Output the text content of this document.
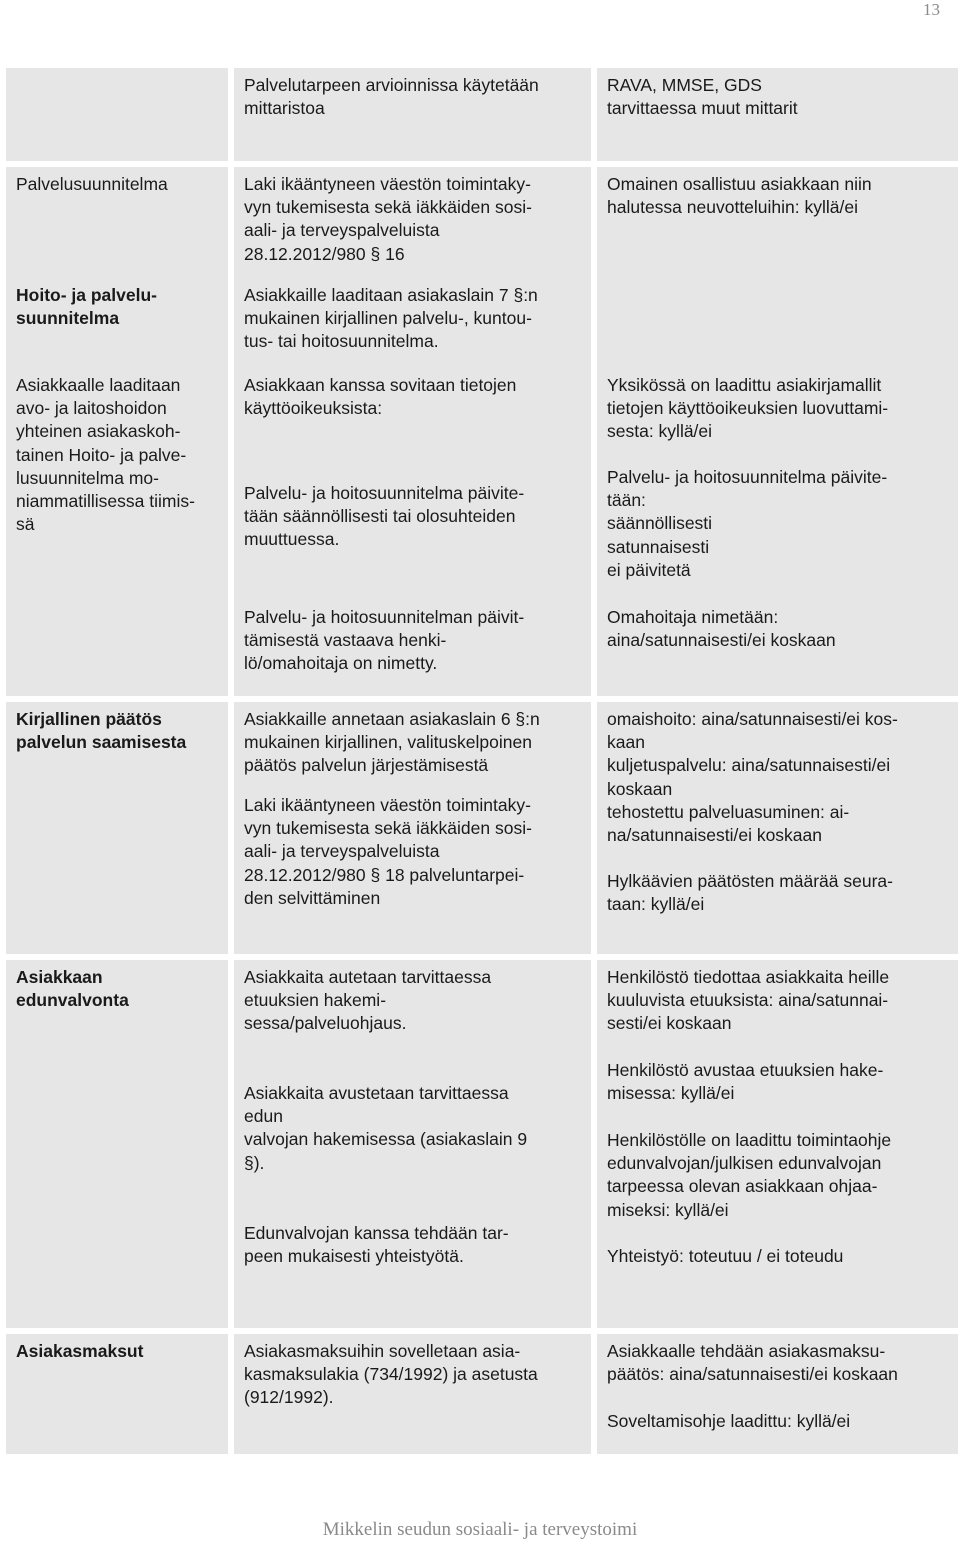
13
Palvelutarpeen arvioinnissa käytetään
mittaristoa
RAVA, MMSE, GDS
tarvittaessa muut mittarit
Palvelusuunnitelma
Hoito- ja palvelu-
suunnitelma
Asiakkaalle laaditaan
avo- ja laitoshoidon
yhteinen asiakaskoh-
tainen Hoito- ja palve-
lusuunnitelma mo-
niammatillisessa tiimis-
sä
Laki ikääntyneen väestön toimintaky-
vyn tukemisesta sekä iäkkäiden sosi-
aali- ja terveyspalveluista
28.12.2012/980 § 16
Asiakkaille laaditaan asiakaslain 7 §:n
mukainen kirjallinen palvelu-, kuntou-
tus- tai hoitosuunnitelma.
Asiakkaan kanssa sovitaan tietojen
käyttöoikeuksista:
Palvelu- ja hoitosuunnitelma päivite-
tään säännöllisesti tai olosuhteiden
muuttuessa.
Palvelu- ja hoitosuunnitelman päivit-
tämisestä vastaava henki-
lö/omahoitaja on nimetty.
Omainen osallistuu asiakkaan niin
halutessa neuvotteluihin: kyllä/ei
Yksikössä on laadittu asiakirjamallit
tietojen käyttöoikeuksien luovuttami-
sesta: kyllä/ei
Palvelu- ja hoitosuunnitelma päivite-
tään:
säännöllisesti
satunnaisesti
ei päivitetä
Omahoitaja nimetään:
aina/satunnaisesti/ei koskaan
Kirjallinen päätös
palvelun saamisesta
Asiakkaille annetaan asiakaslain 6 §:n
mukainen kirjallinen, valituskelpoinen
päätös palvelun järjestämisestä
Laki ikääntyneen väestön toimintaky-
vyn tukemisesta sekä iäkkäiden sosi-
aali- ja terveyspalveluista
28.12.2012/980 § 18 palveluntarpei-
den selvittäminen
omaishoito: aina/satunnaisesti/ei kos-
kaan
kuljetuspalvelu: aina/satunnaisesti/ei
koskaan
tehostettu palveluasuminen: ai-
na/satunnaisesti/ei koskaan
Hylkäävien päätösten määrää seura-
taan: kyllä/ei
Asiakkaan
edunvalvonta
Asiakkaita autetaan tarvittaessa
etuuksien hakemi-
sessa/palveluohjaus.
Asiakkaita avustetaan tarvittaessa
edun
valvojan hakemisessa (asiakaslain 9
§).
Edunvalvojan kanssa tehdään tar-
peen mukaisesti yhteistyötä.
Henkilöstö tiedottaa asiakkaita heille
kuuluvista etuuksista: aina/satunnai-
sesti/ei koskaan
Henkilöstö avustaa etuuksien hake-
misessa: kyllä/ei
Henkilöstölle on laadittu toimintaohje
edunvalvojan/julkisen edunvalvojan
tarpeessa olevan asiakkaan ohjaa-
miseksi: kyllä/ei
Yhteistyö: toteutuu / ei toteudu
Asiakasmaksut	Asiakasmaksuihin sovelletaan asia-
kasmaksulakia (734/1992) ja asetusta
(912/1992).
Asiakkaalle tehdään asiakasmaksu-
päätös: aina/satunnaisesti/ei koskaan
Soveltamisohje laadittu: kyllä/ei
Mikkelin seudun sosiaali- ja terveystoimi
